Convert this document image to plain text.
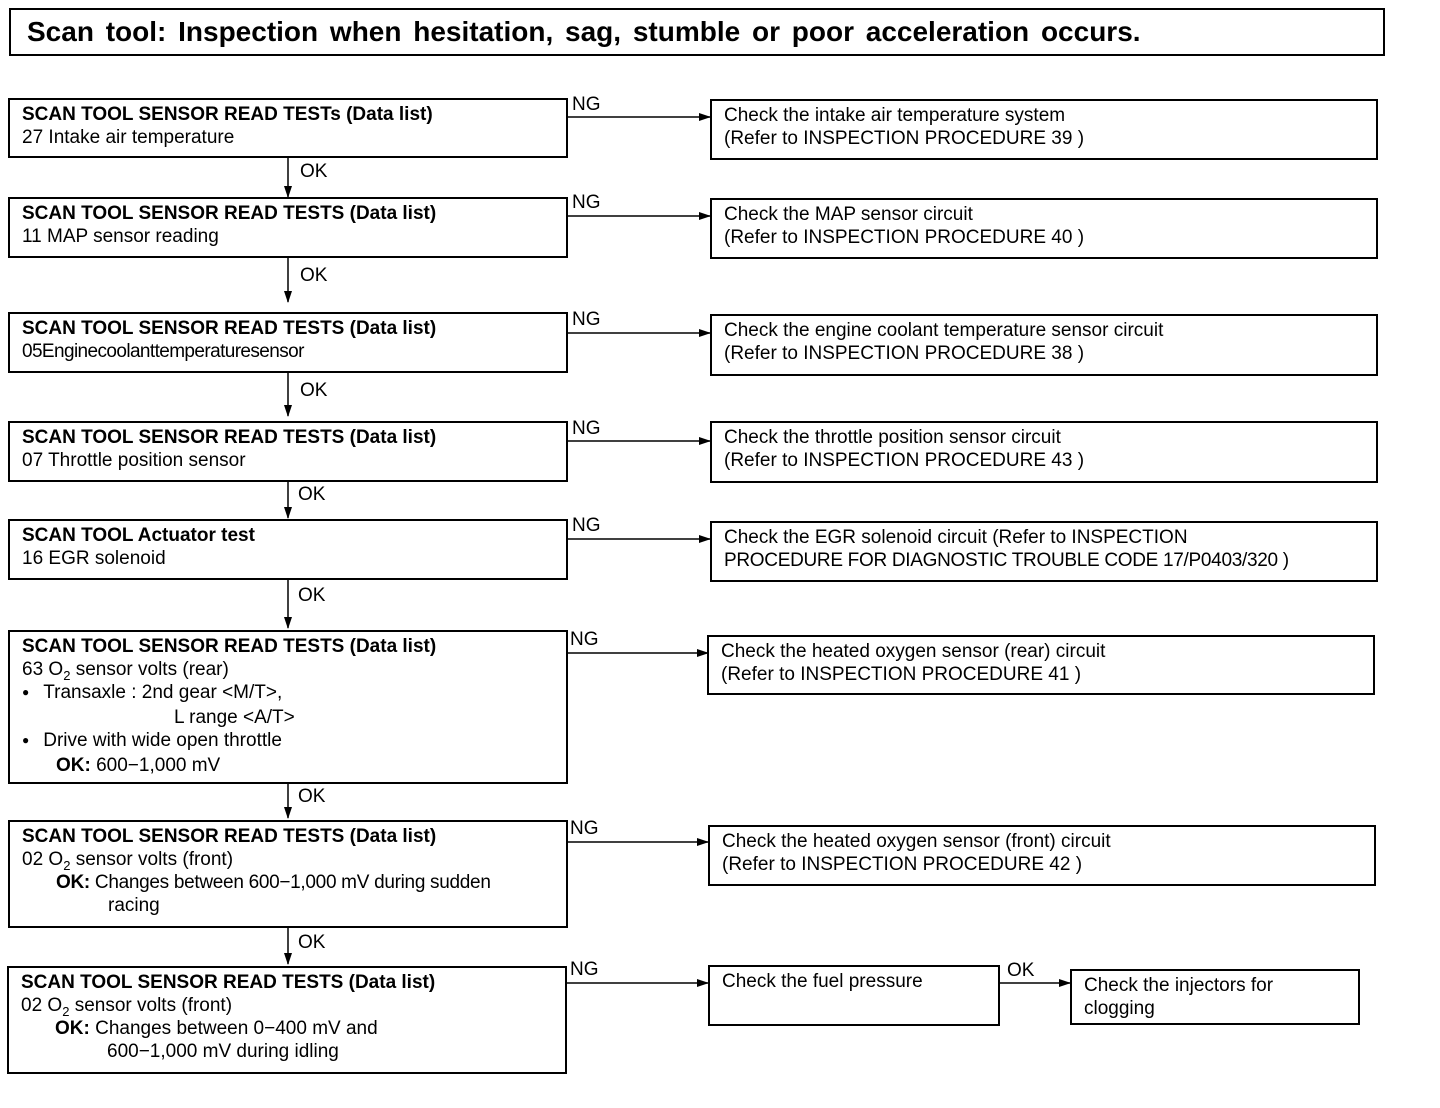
Scan tool: Inspection when hesitation, sag, stumble or poor acceleration occurs.
SCAN TOOL SENSOR READ TESTs (Data list)
27 Intake air temperature
Check the intake air temperature system
(Refer to INSPECTION PROCEDURE 39 )
SCAN TOOL SENSOR READ TESTS (Data list)
11 MAP sensor reading
Check the MAP sensor circuit
(Refer to INSPECTION PROCEDURE 40 )
SCAN TOOL SENSOR READ TESTS (Data list)
05Enginecoolanttemperaturesensor
Check the engine coolant temperature sensor circuit
(Refer to INSPECTION PROCEDURE 38 )
SCAN TOOL SENSOR READ TESTS (Data list)
07 Throttle position sensor
Check the throttle position sensor circuit
(Refer to INSPECTION PROCEDURE 43 )
SCAN TOOL Actuator test
16 EGR solenoid
Check the EGR solenoid circuit (Refer to INSPECTION
PROCEDURE FOR DIAGNOSTIC TROUBLE CODE 17/P0403/320 )
SCAN TOOL SENSOR READ TESTS (Data list)
63 $O_2$ sensor volts (rear)
● Transaxle : 2nd gear <M/T>,
L range <A/T>
● Drive with wide open throttle
OK: 600−1,000 mV
Check the heated oxygen sensor (rear) circuit
(Refer to INSPECTION PROCEDURE 41 )
SCAN TOOL SENSOR READ TESTS (Data list)
02 $O_2$ sensor volts (front)
OK: Changes between 600−1,000 mV during sudden
racing
Check the heated oxygen sensor (front) circuit
(Refer to INSPECTION PROCEDURE 42 )
SCAN TOOL SENSOR READ TESTS (Data list)
02 $O_2$ sensor volts (front)
OK: Changes between 0−400 mV and
600−1,000 mV during idling
Check the fuel pressure	Check the injectors for
clogging
NG
NG
NG
NG
NG
NG
NG
NG
OK
OK
OK
OK
OK
OK
OK
OK
